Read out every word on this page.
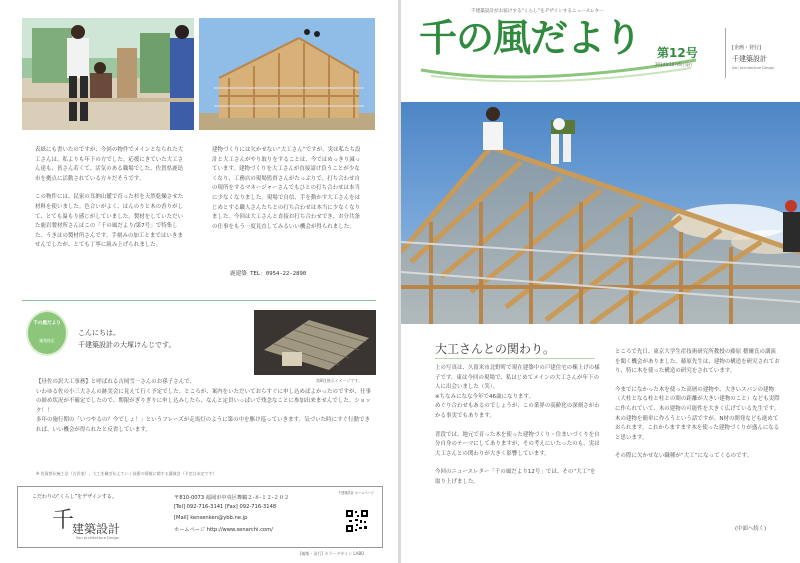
表紙にも書いたのですが、今回の物件でメインとなられた大工さんは、私よりも年下の方でした。応援にきていた大工さん達も、皆さん若くて、活気のある職場でした。佐賀県鹿島市を拠点に活動されている方々だそうです。

この物件には、民家の耳納山麓で育った杉を天然乾燥させた材料を使いました。色合いがよく、はんのりと木の香りがして、とても温もり感じがしていました。製材をしていただいた鹿岩製材所さんはこの「千の風だより/第7号」で特集した、うきはの製材所さんです。手刻みの加工とまではいきませんでしたが、とても丁寧に組み上げられました。

建物づくりには欠かせない“大工さん”ですが、実は私たち設計と大工さんがやり取りをすることは、今ではめっきり減っています。建物づくりを大工さんが直接請け負うことが少なくなり、工務店の現場監督さんがたっぷりで、打ち合わせ自の現所をするマネージャーさんでもひとの打ち合わせは本当に少なくなりました。現場で自信、手を動かす大工さんをはじめとする職人さんたちとの打ち合わせは本当に少なくなりました。今回は大工さんと直接お打ち合わせでき、お分共条の仕事をもう一度見直してみるいい機会が得られました。

鹿建築 TEL：0954-22-2890
千の風だより
編集後記
こんにちは。
千建築設計の大塚けんじです。
第8回展示イメージです。

【昼佐の訳大工事務】と呼ばれる吉岡雪一さんのお孫子さんで、

いわゆる佐の小三大さんの跡実会に見えて行く予定でした。ところが、案内をいただいておらすぐに申し込めばよかったのですが、仕事の締め状況が不確定でしたので、期限がぎりぎりに申し込みしたら、なんと定員いっぱいで残念なことに参加出来ませんでした。ショック！！

多年の施行期の「いつやるの？今でしょ！」というフレーズが走馬灯のように第の中を駆け巡っていきます。気づいた時にすぐ行動できれば、いい機会が得られたと反省しています。

※ 佐賀県伝統工法（古民家）、大工を継ぎ伝えていく技術の情報に関する講演会（予定は未定です）
こだわりの“くらし”をデザインする。
千
建築設計
Sen Architecture Design
〒810-0073 福岡市中央区舞鶴２-８-１２-２０２
[Tel] 092-716-3141 [Fax] 092-716-3148
[Mail] kensenken@ybb.ne.jp
ホームページ http://www.senarchi.com/
千建築設計 ホームページ
[編集・発行] カラーデザイン LABO
千建築設計がお届けする“くらし”をデザインするニュースレター
千の風だより 第12号
2014年10月6日発行
[企画・発行]
千建築設計
Sen Architecture Design
大工さんとの関わり。

上の写真は、久留米市北野町で現在建築中の戸建住宅の棟上げの様子です。東は今回の現場で、私はじめてメインの大工さんが年下の人に出会いました（笑）。

※ちなみになな今年で46歳になります。

めぐり合わせもあるのでしょうが、この業界の高齢化の深刻さがわかる事実でもあります。

普段では、地元で育った木を使った建物づくり・住まいづくりを自分自身のテーマにしてありますが、その考えにいたったのも、実は大工さんとの関わりが大きく影響しています。

今回のニュースレター「千の風だより12号」では、その“大工”を取り上げました。

ところで先日、東京大学生産技術研究所教授の藤原 穂爾氏の講演を聞く機会がありました。藤原先生は、建物の構造を研究されており、特に木を使った構造の研究をされています。

今までになかった木を使った高層の建物や、大きいスパンの建物（大柱となる柱と柱との間の距離が大きい建物のこと）なども実際に作られていて、木の建物の可能性を大きく広げている先生です。木の建物を簡単に作ろうという話ですが、N材の開発なども進めておられます。これからますます木を使った建物づくりが盛んになると思います。

その際に欠かせない職種が“大工”になってくるのです。

(中面へ続く)
